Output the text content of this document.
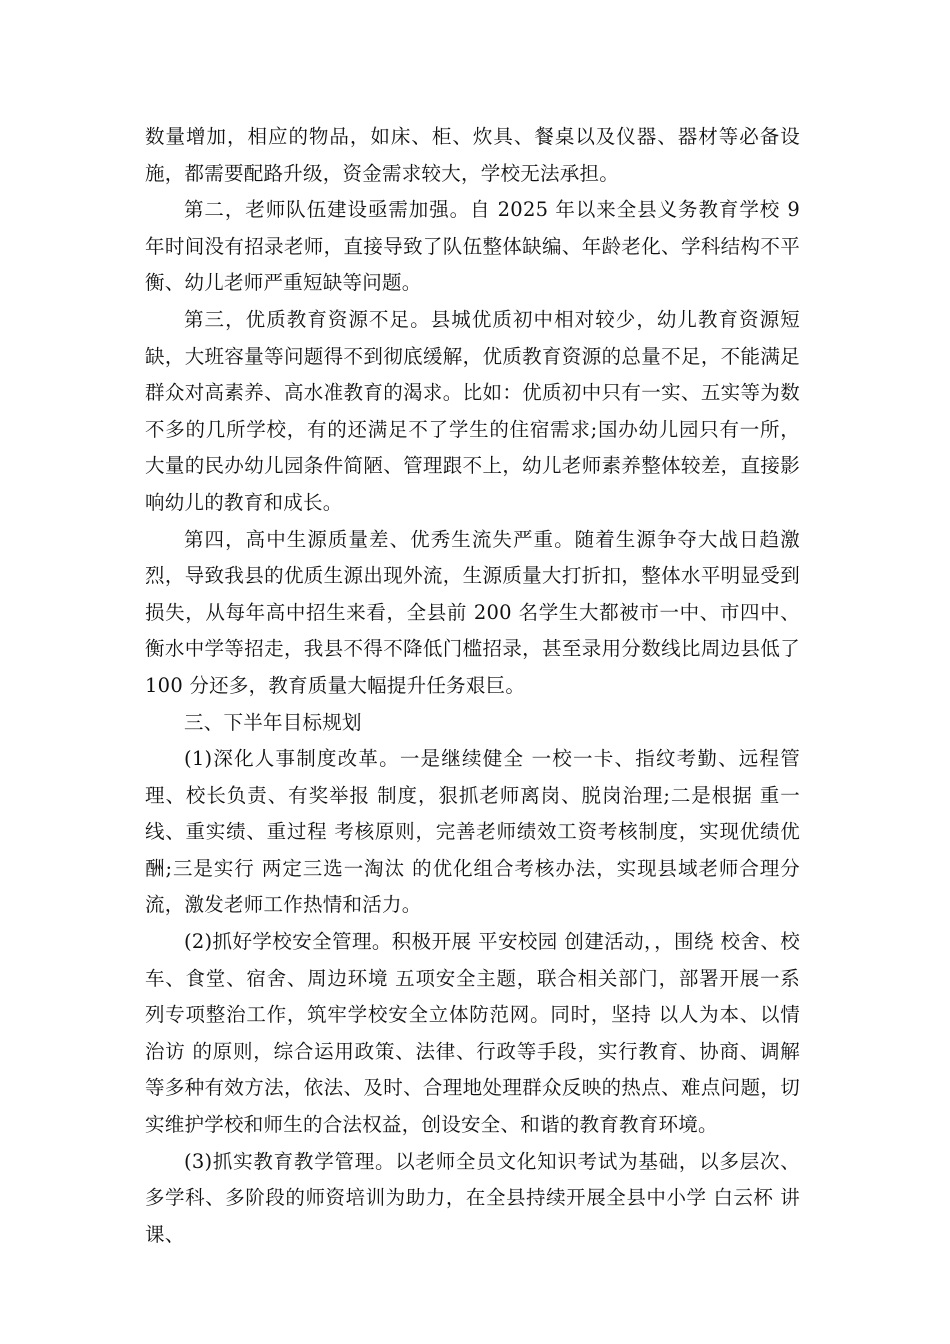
数量增加，相应的物品，如床、柜、炊具、餐桌以及仪器、器材等必备设施，都需要配路升级，资金需求较大，学校无法承担。

第二，老师队伍建设亟需加强。自 2025 年以来全县义务教育学校 9 年时间没有招录老师，直接导致了队伍整体缺编、年龄老化、学科结构不平衡、幼儿老师严重短缺等问题。

第三，优质教育资源不足。县城优质初中相对较少，幼儿教育资源短缺，大班容量等问题得不到彻底缓解，优质教育资源的总量不足，不能满足群众对高素养、高水准教育的渴求。比如：优质初中只有一实、五实等为数不多的几所学校，有的还满足不了学生的住宿需求;国办幼儿园只有一所，大量的民办幼儿园条件简陋、管理跟不上，幼儿老师素养整体较差，直接影响幼儿的教育和成长。

第四，高中生源质量差、优秀生流失严重。随着生源争夺大战日趋激烈，导致我县的优质生源出现外流，生源质量大打折扣，整体水平明显受到损失，从每年高中招生来看，全县前 200 名学生大都被市一中、市四中、衡水中学等招走，我县不得不降低门槛招录，甚至录用分数线比周边县低了 100 分还多，教育质量大幅提升任务艰巨。

三、下半年目标规划

(1)深化人事制度改革。一是继续健全 一校一卡、指纹考勤、远程管理、校长负责、有奖举报 制度，狠抓老师离岗、脱岗治理;二是根据 重一线、重实绩、重过程 考核原则，完善老师绩效工资考核制度，实现优绩优酬;三是实行 两定三选一淘汰 的优化组合考核办法，实现县域老师合理分流，激发老师工作热情和活力。

(2)抓好学校安全管理。积极开展 平安校园 创建活动，，围绕 校舍、校车、食堂、宿舍、周边环境 五项安全主题，联合相关部门，部署开展一系列专项整治工作，筑牢学校安全立体防范网。同时，坚持 以人为本、以情治访 的原则，综合运用政策、法律、行政等手段，实行教育、协商、调解等多种有效方法，依法、及时、合理地处理群众反映的热点、难点问题，切实维护学校和师生的合法权益，创设安全、和谐的教育教育环境。

(3)抓实教育教学管理。以老师全员文化知识考试为基础，以多层次、多学科、多阶段的师资培训为助力，在全县持续开展全县中小学 白云杯 讲课、
